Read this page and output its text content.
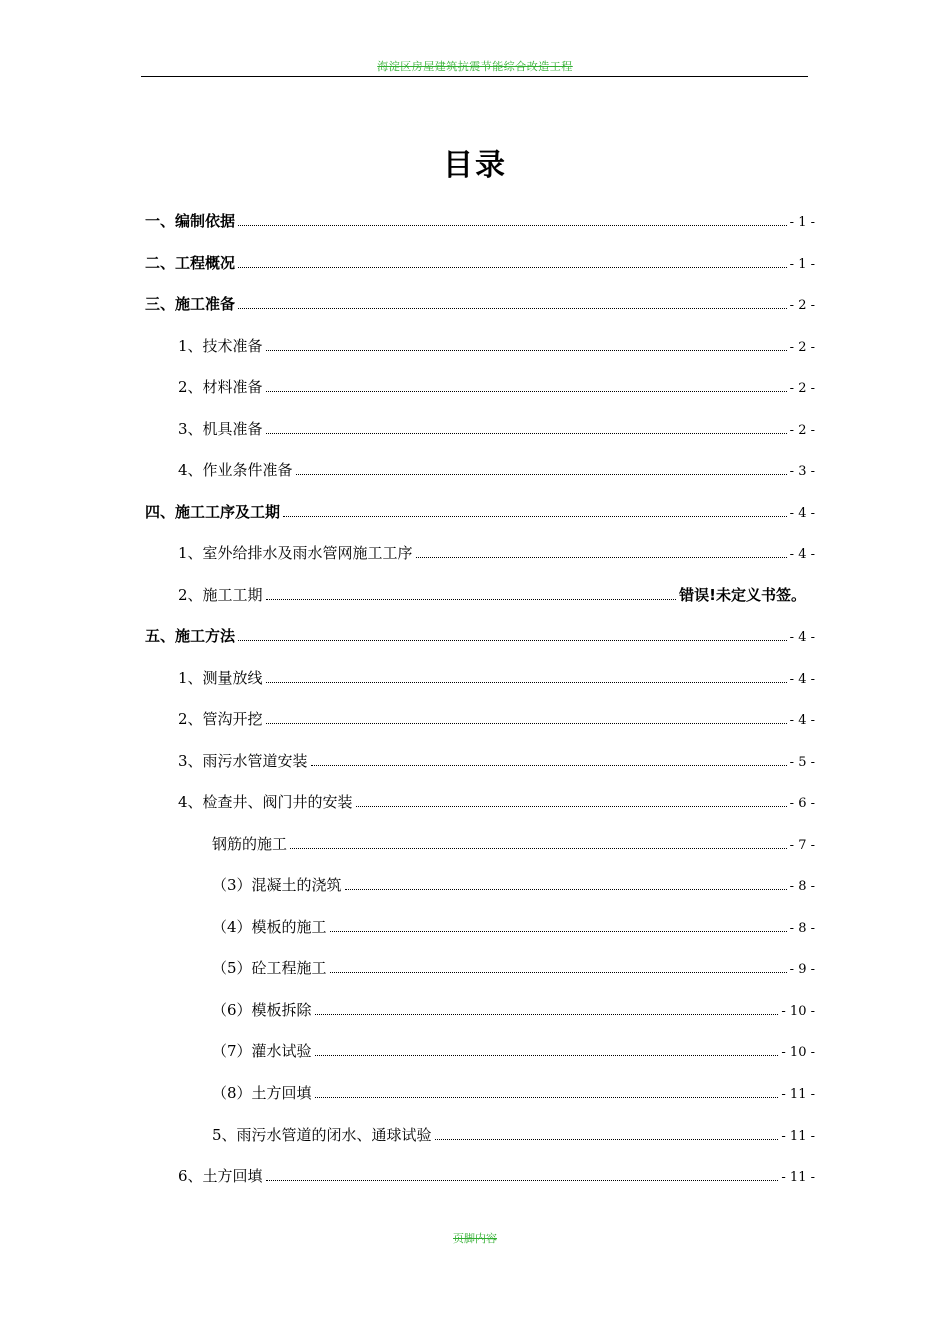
海淀区房屋建筑抗震节能综合改造工程
目录
一、编制依据	- 1 -
二、工程概况	- 1 -
三、施工准备	- 2 -
1、技术准备	- 2 -
2、材料准备	- 2 -
3、机具准备	- 2 -
4、作业条件准备	- 3 -
四、施工工序及工期	- 4 -
1、室外给排水及雨水管网施工工序	- 4 -
2、施工工期	错误!未定义书签。
五、施工方法	- 4 -
1、测量放线	- 4 -
2、管沟开挖	- 4 -
3、雨污水管道安装	- 5 -
4、检查井、阀门井的安装	- 6 -
钢筋的施工	- 7 -
（3）混凝土的浇筑	- 8 -
（4）模板的施工	- 8 -
（5）砼工程施工	- 9 -
（6）模板拆除	- 10 -
（7）灌水试验	- 10 -
（8）土方回填	- 11 -
5、雨污水管道的闭水、通球试验	- 11 -
6、土方回填	- 11 -
页脚内容
